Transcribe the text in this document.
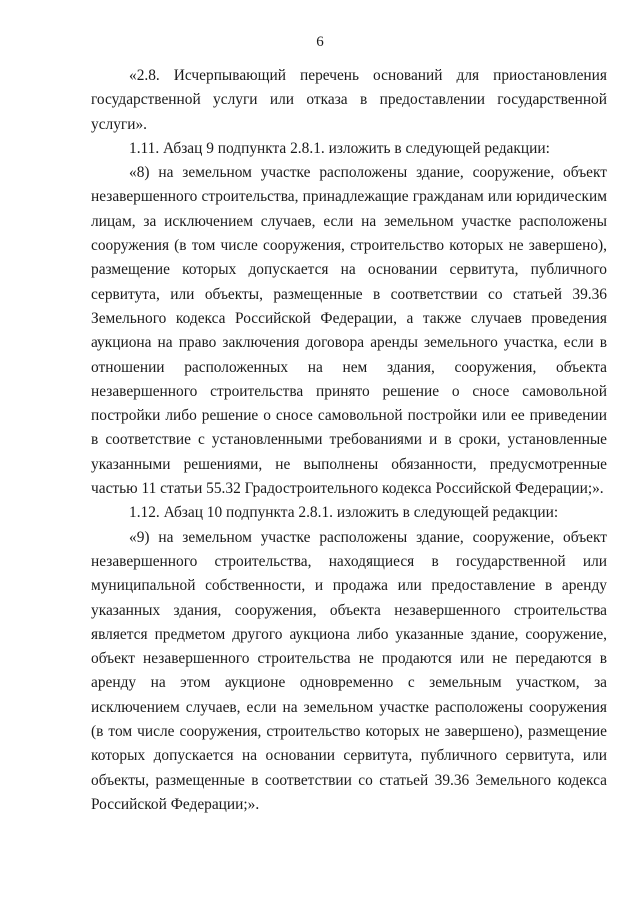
6

«2.8. Исчерпывающий перечень оснований для приостановления государственной услуги или отказа в предоставлении государственной услуги».

1.11. Абзац 9 подпункта 2.8.1. изложить в следующей редакции:

«8) на земельном участке расположены здание, сооружение, объект незавершенного строительства, принадлежащие гражданам или юридическим лицам, за исключением случаев, если на земельном участке расположены сооружения (в том числе сооружения, строительство которых не завершено), размещение которых допускается на основании сервитута, публичного сервитута, или объекты, размещенные в соответствии со статьей 39.36 Земельного кодекса Российской Федерации, а также случаев проведения аукциона на право заключения договора аренды земельного участка, если в отношении расположенных на нем здания, сооружения, объекта незавершенного строительства принято решение о сносе самовольной постройки либо решение о сносе самовольной постройки или ее приведении в соответствие с установленными требованиями и в сроки, установленные указанными решениями, не выполнены обязанности, предусмотренные частью 11 статьи 55.32 Градостроительного кодекса Российской Федерации;».

1.12. Абзац 10 подпункта 2.8.1. изложить в следующей редакции:

«9) на земельном участке расположены здание, сооружение, объект незавершенного строительства, находящиеся в государственной или муниципальной собственности, и продажа или предоставление в аренду указанных здания, сооружения, объекта незавершенного строительства является предметом другого аукциона либо указанные здание, сооружение, объект незавершенного строительства не продаются или не передаются в аренду на этом аукционе одновременно с земельным участком, за исключением случаев, если на земельном участке расположены сооружения (в том числе сооружения, строительство которых не завершено), размещение которых допускается на основании сервитута, публичного сервитута, или объекты, размещенные в соответствии со статьей 39.36 Земельного кодекса Российской Федерации;».
